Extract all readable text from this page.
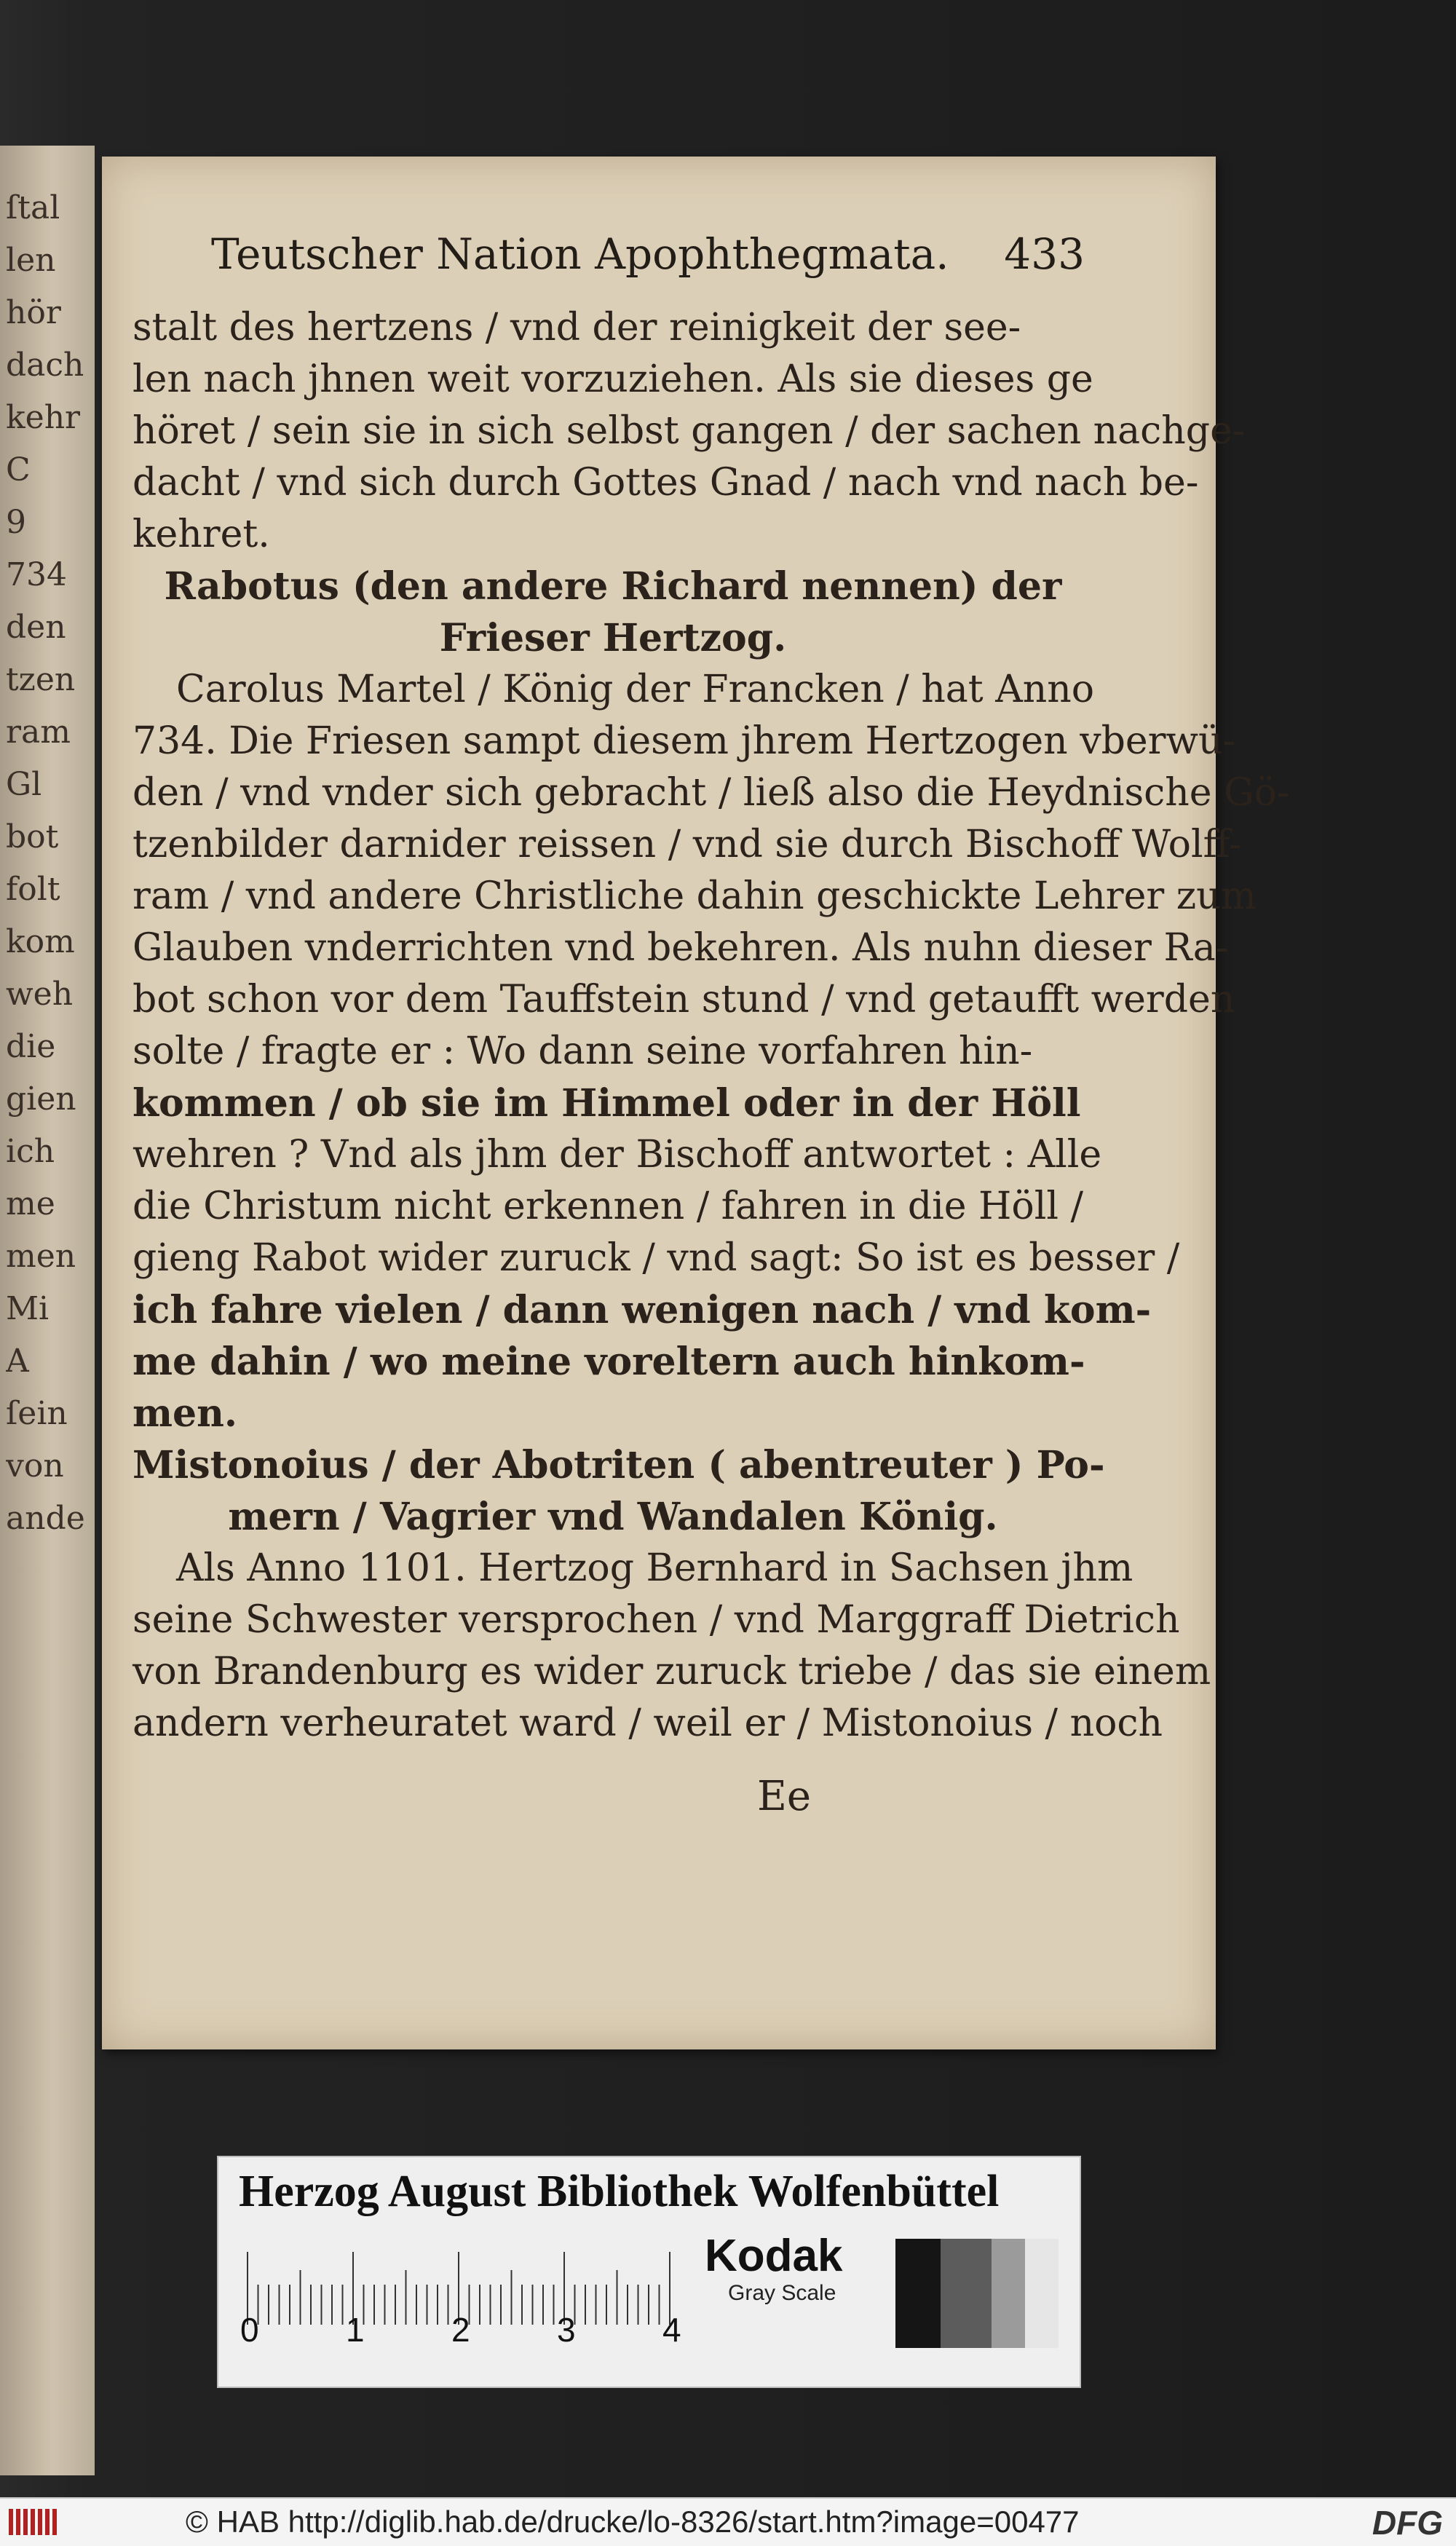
ſtal
len
hör
dach
kehr
C
9
734
den
tzen
ram
Gl
bot
folt
kom
weh
die
gien
ich
me
men
Mi
A
ſein
von
ande
Teutscher Nation Apophthegmata. 433
stalt des hertzens / vnd der reinigkeit der see-
len nach jhnen weit vorzuziehen. Als sie dieses ge
höret / sein sie in sich selbst gangen / der sachen nachge-
dacht / vnd sich durch Gottes Gnad / nach vnd nach be-
kehret.
Rabotus (den andere Richard nennen) der
Frieser Hertzog.
Carolus Martel / König der Francken / hat Anno
734. Die Friesen sampt diesem jhrem Hertzogen vberwü-
den / vnd vnder sich gebracht / ließ also die Heydnische Gö-
tzenbilder darnider reissen / vnd sie durch Bischoff Wolff-
ram / vnd andere Christliche dahin geschickte Lehrer zum
Glauben vnderrichten vnd bekehren. Als nuhn dieser Ra-
bot schon vor dem Tauffstein stund / vnd getaufft werden
solte / fragte er : Wo dann seine vorfahren hin-
kommen / ob sie im Himmel oder in der Höll
wehren ? Vnd als jhm der Bischoff antwortet : Alle
die Christum nicht erkennen / fahren in die Höll /
gieng Rabot wider zuruck / vnd sagt: So ist es besser /
ich fahre vielen / dann wenigen nach / vnd kom-
me dahin / wo meine voreltern auch hinkom-
men.
Mistonoius / der Abotriten ( abentreuter ) Po-
mern / Vagrier vnd Wandalen König.
Als Anno 1101. Hertzog Bernhard in Sachsen jhm
seine Schwester versprochen / vnd Marggraff Dietrich
von Brandenburg es wider zuruck triebe / das sie einem
andern verheuratet ward / weil er / Mistonoius / noch
Ee
Herzog August Bibliothek Wolfenbüttel
0	1	2	3	4
Kodak
Gray Scale
© HAB http://diglib.hab.de/drucke/lo-8326/start.htm?image=00477	DFG
